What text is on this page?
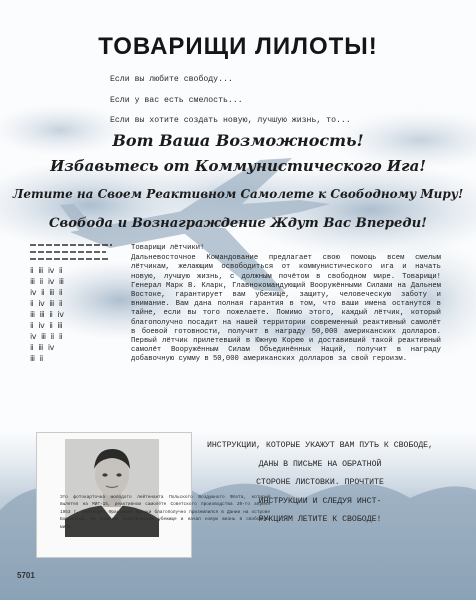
ТОВАРИЩИ ЛИЛОТЫ!
Если вы любите свободу...
Если у вас есть смелость...
Если вы хотите создать новую, лучшую жизнь, то...
Вот Ваша Возможность!
Избавьтесь от Коммунистического Ига!
Летите на Своем Реактивном Самолете к Свободному Миру!
Свобода и Вознаграждение Ждут Вас Впереди!
ⅱ ⅲ ⅳ ⅱ
ⅲ ⅱ ⅳ ⅲ
ⅳ ⅱ ⅲ ⅱ
ⅱ ⅳ ⅲ ⅱ
ⅲ ⅲ ⅱ ⅳ
ⅱ ⅳ ⅱ ⅲ
ⅳ ⅲ ⅱ ⅱ
ⅱ ⅲ ⅳ
ⅲ ⅱ

Товарищи лётчики!

Дальневосточное Командование предлагает свою помощь всем смелым лётчикам, желающим освободиться от коммунистического ига и начать новую, лучшую жизнь, с должным почётом в свободном мире. Товарищи! Генерал Марк В. Кларк, Главнокомандующий Вооружёнными Силами на Дальнем Востоке, гарантирует вам убежище, защиту, человеческую заботу и внимание. Вам дана полная гарантия в том, что ваши имена останутся в тайне, если вы того пожелаете. Помимо этого, каждый лётчик, который благополучно посадит на нашей территории современный реактивный самолёт в боевой готовности, получит в награду 50,000 американских долларов. Первый лётчик прилетевший в Южную Корею и доставивший такой реактивный самолёт Вооружённым Силам Объединённых Наций, получит в награду добавочную сумму в 50,000 американских долларов за свой героизм.

ИНСТРУКЦИИ, КОТОРЫЕ УКАЖУТ ВАМ ПУТЬ К СВОБОДЕ,
ДАНЫ В ПИСЬМЕ НА ОБРАТНОЙ
СТОРОНЕ ЛИСТОВКИ. ПРОЧТИТЕ
ИНСТРУКЦИИ И СЛЕДУЯ ИНСТ-
РУКЦИЯМ ЛЕТИТЕ К СВОБОДЕ!
Это фотокарточка молодого лейтенанта Польского Воздушного Флота, который вылетел на МИГ-15, реактивном самолёте Советского производства 20-го апреля 1953 г. Лейтенант Франтишек Ярецки благополучно приземлился в Дании на острове Борнхольм. Он получил политическое убежище и начал новую жизнь в свободном мире.
5701
